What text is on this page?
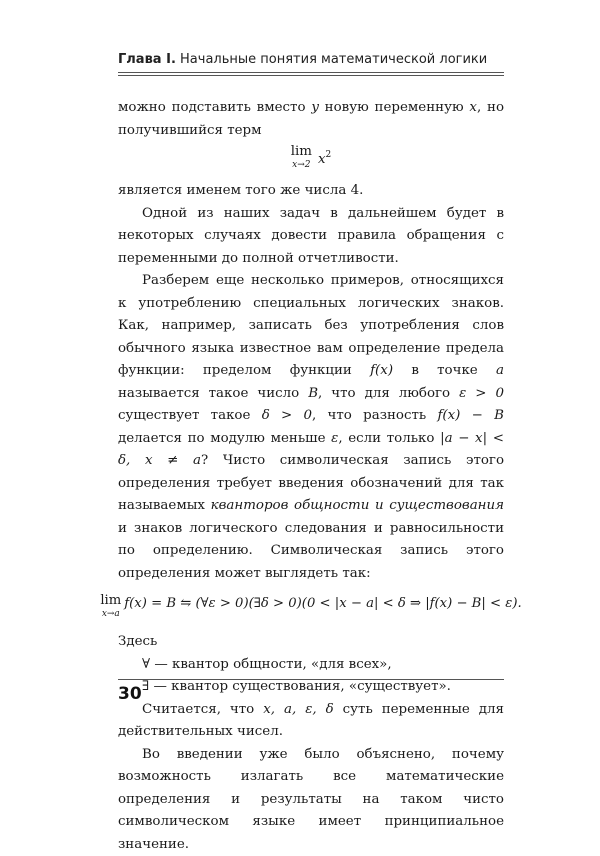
Глава I. Начальные понятия математической логики

можно подставить вместо y новую переменную x, но получившийся терм

lim
x→2 $x^2$

является именем того же числа 4.

Одной из наших задач в дальнейшем будет в некоторых случаях довести правила обращения с переменными до полной отчетливости.

Разберем еще несколько примеров, относящихся к употреблению специальных логических знаков. Как, например, записать без употребления слов обычного языка известное вам определение предела функции: пределом функции f(x) в точке a называется такое число B, что для любого ε > 0 существует такое δ > 0, что разность f(x) − B делается по модулю меньше ε, если только |a − x| < δ, x ≠ a? Чисто символическая запись этого определения требует введения обозначений для так называемых кванторов общности и существования и знаков логического следования и равносильности по определению. Символическая запись этого определения может выглядеть так:

lim
x→a
f(x) = B ⇋ (∀ε > 0)(∃δ > 0)(0 < |x − a| < δ ⇒ |f(x) − B| < ε).

Здесь

∀ — квантор общности, «для всех»,

∃ — квантор существования, «существует».

Считается, что x, a, ε, δ суть переменные для действительных чисел.

Во введении уже было объяснено, почему возможность излагать все математические определения и результаты на таком чисто символическом языке имеет принципиальное значение.

30
